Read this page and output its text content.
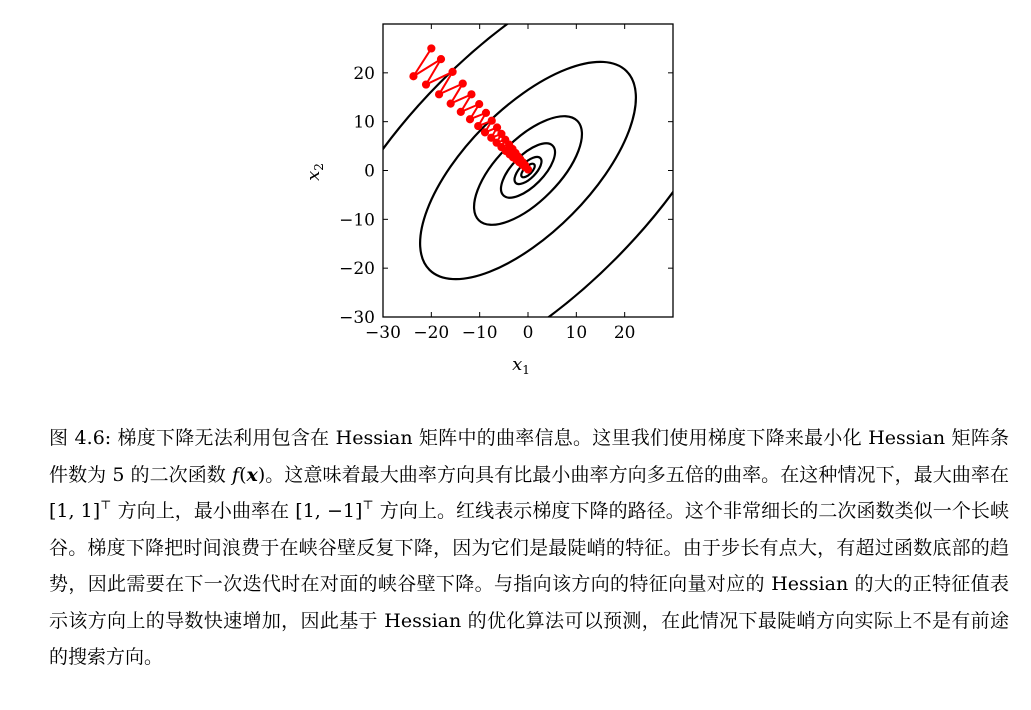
−30 −20 −10 0 10 20
−30
−20
−10
0
10
20
$x_1$
$x_2$
图 4.6: 梯度下降无法利用包含在 Hessian 矩阵中的曲率信息。这里我们使用梯度下降来最小化 Hessian 矩阵条件数为 5 的二次函数 f(x)。这意味着最大曲率方向具有比最小曲率方向多五倍的曲率。在这种情况下，最大曲率在 [1, 1]⊤ 方向上，最小曲率在 [1, −1]⊤ 方向上。红线表示梯度下降的路径。这个非常细长的二次函数类似一个长峡谷。梯度下降把时间浪费于在峡谷壁反复下降，因为它们是最陡峭的特征。由于步长有点大，有超过函数底部的趋势，因此需要在下一次迭代时在对面的峡谷壁下降。与指向该方向的特征向量对应的 Hessian 的大的正特征值表示该方向上的导数快速增加，因此基于 Hessian 的优化算法可以预测，在此情况下最陡峭方向实际上不是有前途的搜索方向。
